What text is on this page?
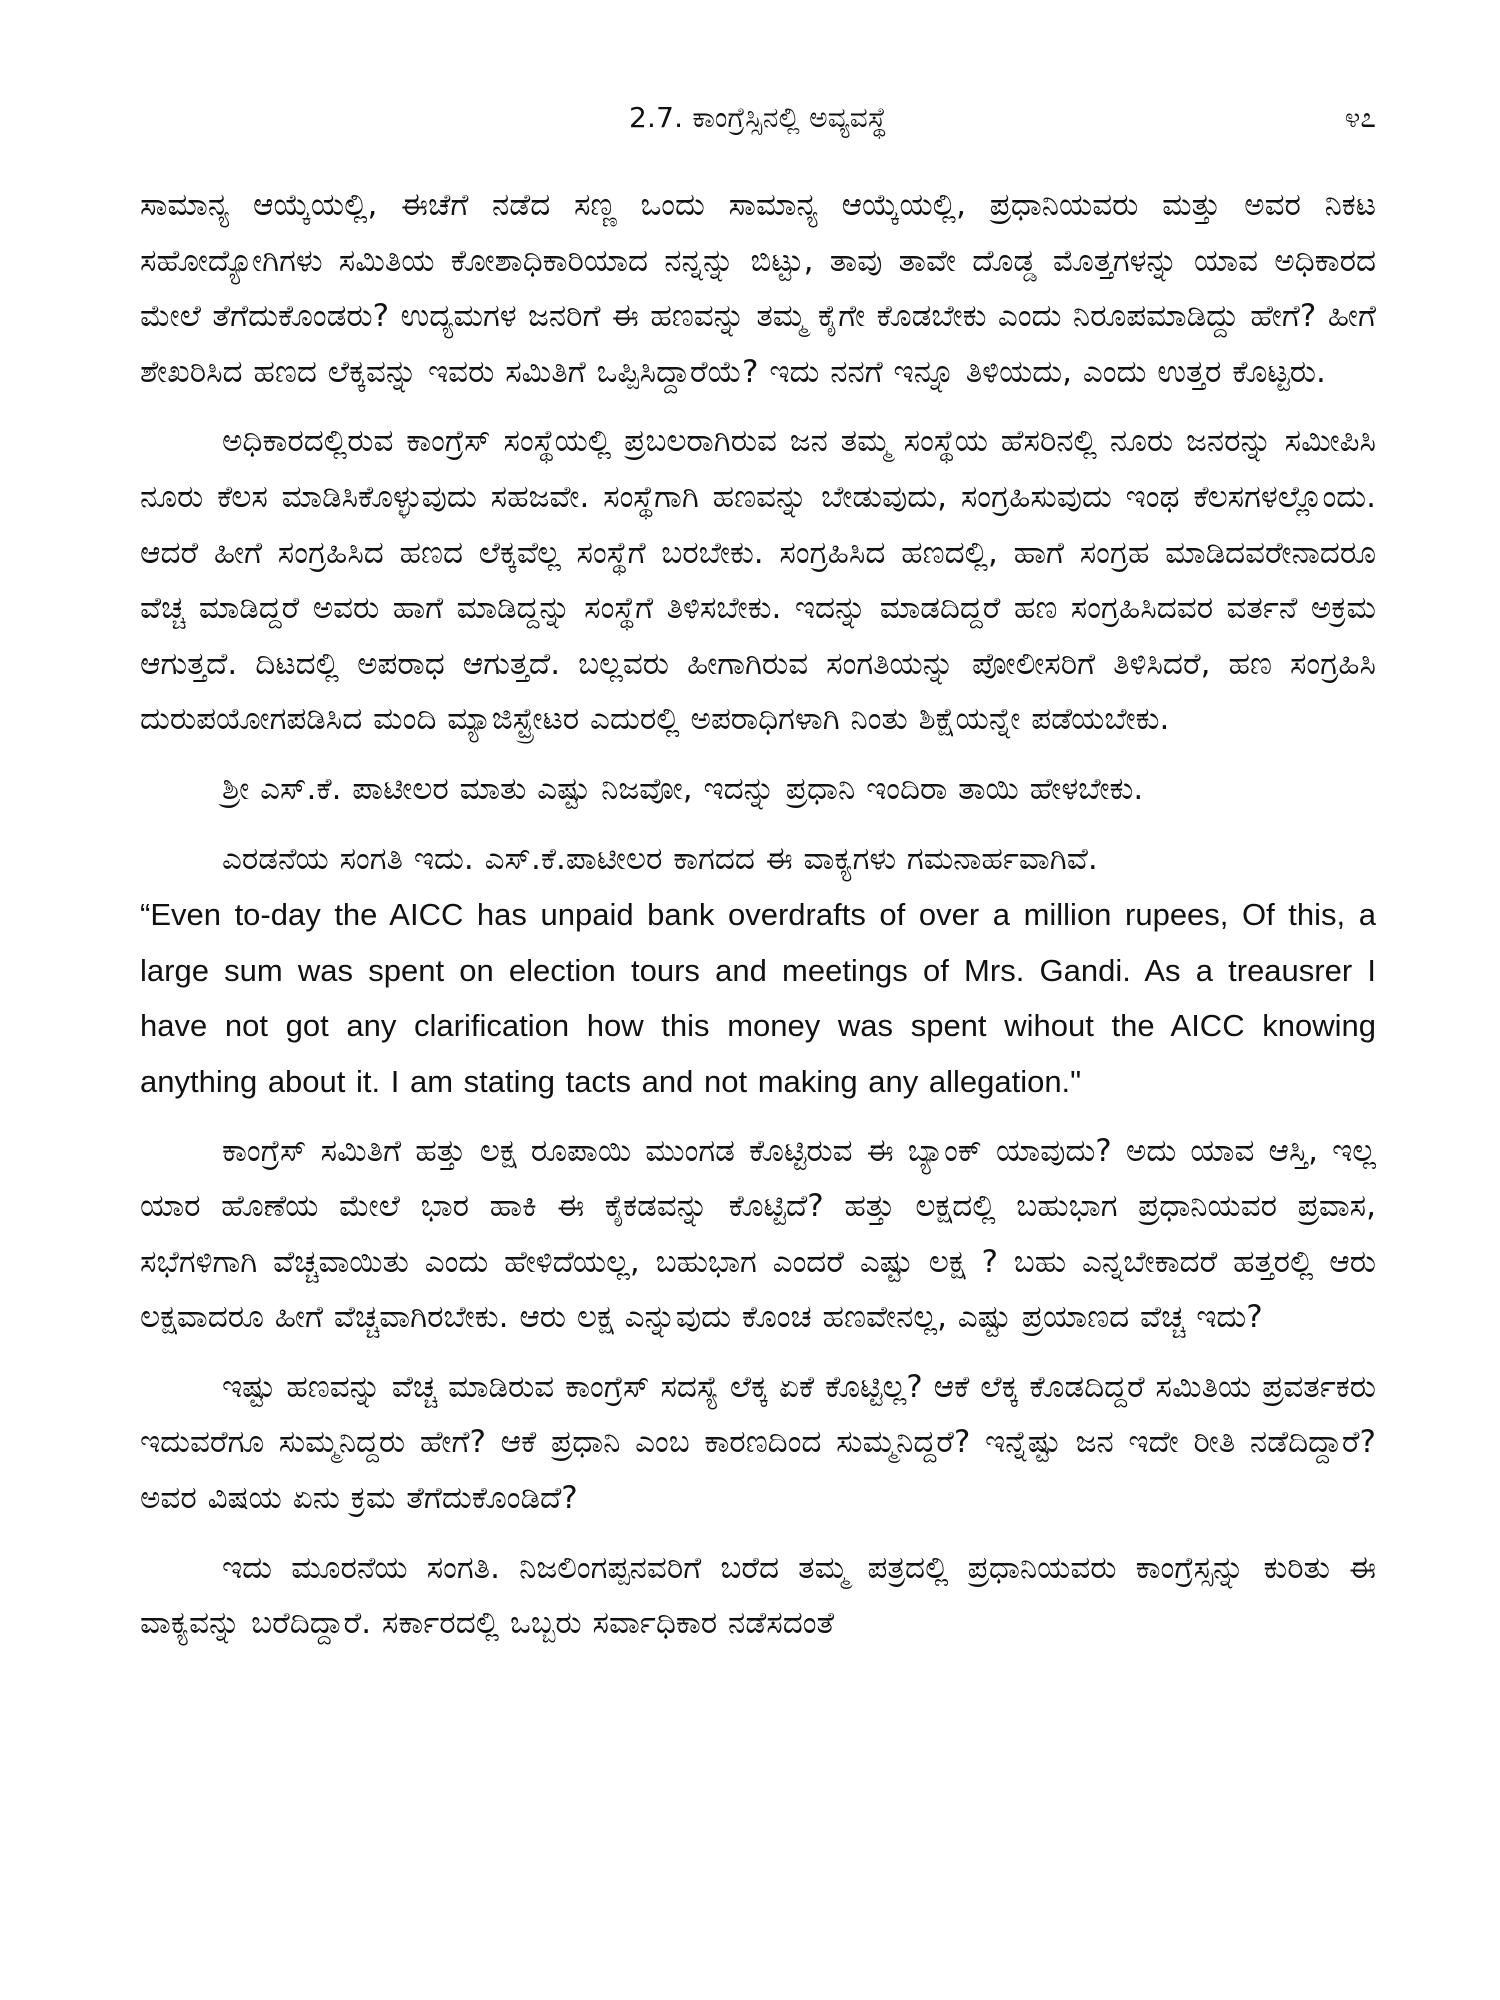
2.7. ಕಾಂಗ್ರೆಸ್ಸಿನಲ್ಲಿ ಅವ್ಯವಸ್ಥೆ	೪೭

ಸಾಮಾನ್ಯ ಆಯ್ಕೆಯಲ್ಲಿ, ಈಚೆಗೆ ನಡೆದ ಸಣ್ಣ ಒಂದು ಸಾಮಾನ್ಯ ಆಯ್ಕೆಯಲ್ಲಿ, ಪ್ರಧಾನಿಯವರು ಮತ್ತು ಅವರ ನಿಕಟ ಸಹೋದ್ಯೋಗಿಗಳು ಸಮಿತಿಯ ಕೋಶಾಧಿಕಾರಿಯಾದ ನನ್ನನ್ನು ಬಿಟ್ಟು, ತಾವು ತಾವೇ ದೊಡ್ಡ ಮೊತ್ತಗಳನ್ನು ಯಾವ ಅಧಿಕಾರದ ಮೇಲೆ ತೆಗೆದುಕೊಂಡರು? ಉದ್ಯಮಗಳ ಜನರಿಗೆ ಈ ಹಣವನ್ನು ತಮ್ಮ ಕೈಗೇ ಕೊಡಬೇಕು ಎಂದು ನಿರೂಪಮಾಡಿದ್ದು ಹೇಗೆ? ಹೀಗೆ ಶೇಖರಿಸಿದ ಹಣದ ಲೆಕ್ಕವನ್ನು ಇವರು ಸಮಿತಿಗೆ ಒಪ್ಪಿಸಿದ್ದಾರೆಯೆ? ಇದು ನನಗೆ ಇನ್ನೂ ತಿಳಿಯದು, ಎಂದು ಉತ್ತರ ಕೊಟ್ಟರು.

ಅಧಿಕಾರದಲ್ಲಿರುವ ಕಾಂಗ್ರೆಸ್ ಸಂಸ್ಥೆಯಲ್ಲಿ ಪ್ರಬಲರಾಗಿರುವ ಜನ ತಮ್ಮ ಸಂಸ್ಥೆಯ ಹೆಸರಿನಲ್ಲಿ ನೂರು ಜನರನ್ನು ಸಮೀಪಿಸಿ ನೂರು ಕೆಲಸ ಮಾಡಿಸಿಕೊಳ್ಳುವುದು ಸಹಜವೇ. ಸಂಸ್ಥೆಗಾಗಿ ಹಣವನ್ನು ಬೇಡುವುದು, ಸಂಗ್ರಹಿಸುವುದು ಇಂಥ ಕೆಲಸಗಳಲ್ಲೊಂದು. ಆದರೆ ಹೀಗೆ ಸಂಗ್ರಹಿಸಿದ ಹಣದ ಲೆಕ್ಕವೆಲ್ಲ ಸಂಸ್ಥೆಗೆ ಬರಬೇಕು. ಸಂಗ್ರಹಿಸಿದ ಹಣದಲ್ಲಿ, ಹಾಗೆ ಸಂಗ್ರಹ ಮಾಡಿದವರೇನಾದರೂ ವೆಚ್ಚ ಮಾಡಿದ್ದರೆ ಅವರು ಹಾಗೆ ಮಾಡಿದ್ದನ್ನು ಸಂಸ್ಥೆಗೆ ತಿಳಿಸಬೇಕು. ಇದನ್ನು ಮಾಡದಿದ್ದರೆ ಹಣ ಸಂಗ್ರಹಿಸಿದವರ ವರ್ತನೆ ಅಕ್ರಮ ಆಗುತ್ತದೆ. ದಿಟದಲ್ಲಿ ಅಪರಾಧ ಆಗುತ್ತದೆ. ಬಲ್ಲವರು ಹೀಗಾಗಿರುವ ಸಂಗತಿಯನ್ನು ಪೋಲೀಸರಿಗೆ ತಿಳಿಸಿದರೆ, ಹಣ ಸಂಗ್ರಹಿಸಿ ದುರುಪಯೋಗಪಡಿಸಿದ ಮಂದಿ ಮ್ಯಾಜಿಸ್ಟ್ರೇಟರ ಎದುರಲ್ಲಿ ಅಪರಾಧಿಗಳಾಗಿ ನಿಂತು ಶಿಕ್ಷೆಯನ್ನೇ ಪಡೆಯಬೇಕು.

ಶ್ರೀ ಎಸ್.ಕೆ. ಪಾಟೀಲರ ಮಾತು ಎಷ್ಟು ನಿಜವೋ, ಇದನ್ನು ಪ್ರಧಾನಿ ಇಂದಿರಾ ತಾಯಿ ಹೇಳಬೇಕು.

ಎರಡನೆಯ ಸಂಗತಿ ಇದು. ಎಸ್.ಕೆ.ಪಾಟೀಲರ ಕಾಗದದ ಈ ವಾಕ್ಯಗಳು ಗಮನಾರ್ಹವಾಗಿವೆ.

“Even to-day the AICC has unpaid bank overdrafts of over a million rupees, Of this, a large sum was spent on election tours and meetings of Mrs. Gandi. As a treausrer I have not got any clarification how this money was spent wihout the AICC knowing anything about it. I am stating tacts and not making any allegation."

ಕಾಂಗ್ರೆಸ್ ಸಮಿತಿಗೆ ಹತ್ತು ಲಕ್ಷ ರೂಪಾಯಿ ಮುಂಗಡ ಕೊಟ್ಟಿರುವ ಈ ಬ್ಯಾಂಕ್ ಯಾವುದು? ಅದು ಯಾವ ಆಸ್ತಿ, ಇಲ್ಲ ಯಾರ ಹೊಣೆಯ ಮೇಲೆ ಭಾರ ಹಾಕಿ ಈ ಕೈಕಡವನ್ನು ಕೊಟ್ಟಿದೆ? ಹತ್ತು ಲಕ್ಷದಲ್ಲಿ ಬಹುಭಾಗ ಪ್ರಧಾನಿಯವರ ಪ್ರವಾಸ, ಸಭೆಗಳಿಗಾಗಿ ವೆಚ್ಚವಾಯಿತು ಎಂದು ಹೇಳಿದೆಯಲ್ಲ, ಬಹುಭಾಗ ಎಂದರೆ ಎಷ್ಟು ಲಕ್ಷ ? ಬಹು ಎನ್ನಬೇಕಾದರೆ ಹತ್ತರಲ್ಲಿ ಆರು ಲಕ್ಷವಾದರೂ ಹೀಗೆ ವೆಚ್ಚವಾಗಿರಬೇಕು. ಆರು ಲಕ್ಷ ಎನ್ನುವುದು ಕೊಂಚ ಹಣವೇನಲ್ಲ, ಎಷ್ಟು ಪ್ರಯಾಣದ ವೆಚ್ಚ ಇದು?

ಇಷ್ಟು ಹಣವನ್ನು ವೆಚ್ಚ ಮಾಡಿರುವ ಕಾಂಗ್ರೆಸ್ ಸದಸ್ಯೆ ಲೆಕ್ಕ ಏಕೆ ಕೊಟ್ಟಿಲ್ಲ? ಆಕೆ ಲೆಕ್ಕ ಕೊಡದಿದ್ದರೆ ಸಮಿತಿಯ ಪ್ರವರ್ತಕರು ಇದುವರೆಗೂ ಸುಮ್ಮನಿದ್ದರು ಹೇಗೆ? ಆಕೆ ಪ್ರಧಾನಿ ಎಂಬ ಕಾರಣದಿಂದ ಸುಮ್ಮನಿದ್ದರೆ? ಇನ್ನೆಷ್ಟು ಜನ ಇದೇ ರೀತಿ ನಡೆದಿದ್ದಾರೆ? ಅವರ ವಿಷಯ ಏನು ಕ್ರಮ ತೆಗೆದುಕೊಂಡಿದೆ?

ಇದು ಮೂರನೆಯ ಸಂಗತಿ. ನಿಜಲಿಂಗಪ್ಪನವರಿಗೆ ಬರೆದ ತಮ್ಮ ಪತ್ರದಲ್ಲಿ ಪ್ರಧಾನಿಯವರು ಕಾಂಗ್ರೆಸ್ಸನ್ನು ಕುರಿತು ಈ ವಾಕ್ಯವನ್ನು ಬರೆದಿದ್ದಾರೆ. ಸರ್ಕಾರದಲ್ಲಿ ಒಬ್ಬರು ಸರ್ವಾಧಿಕಾರ ನಡೆಸದಂತೆ
